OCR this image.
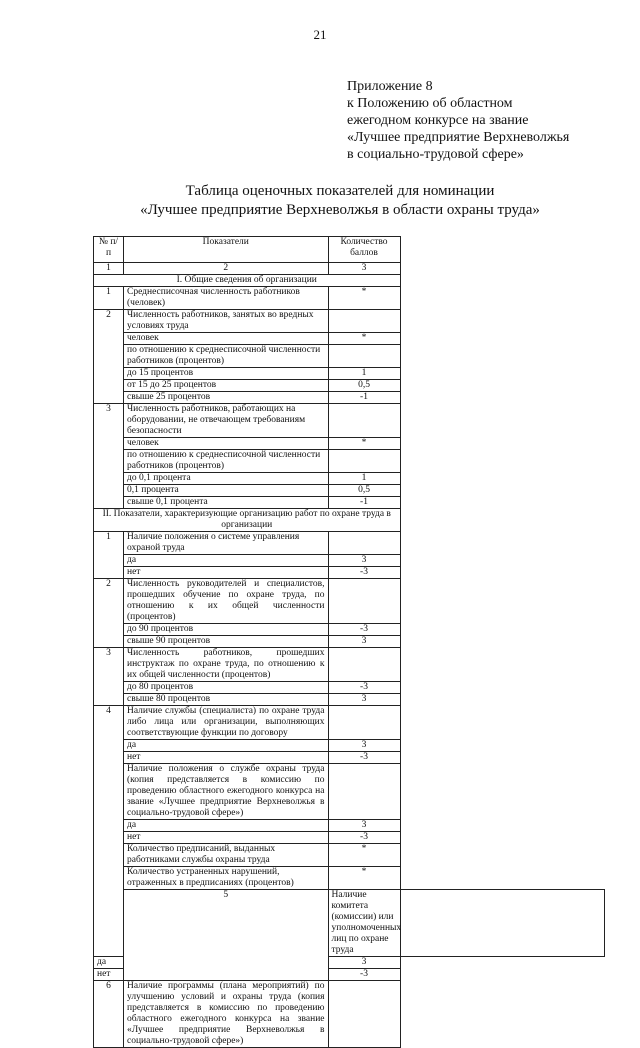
21
Приложение 8
к Положению об областном
ежегодном конкурсе на звание
«Лучшее предприятие Верхневолжья
в социально-трудовой сфере»
Таблица оценочных показателей для номинации
«Лучшее предприятие Верхневолжья в области охраны труда»
№ п/п	Показатели	Количество баллов	
1	2	3	
I. Общие сведения об организации			
1	Среднесписочная численность работников (человек)	*	
2	Численность работников, занятых во вредных условиях труда		
	человек	*	
	по отношению к среднесписочной численности работников (процентов)		
	до 15 процентов	1	
	от 15 до 25 процентов	0,5	
	свыше 25 процентов	-1	
3	Численность работников, работающих на оборудовании, не отвечающем требованиям безопасности		
	человек	*	
	по отношению к среднесписочной численности работников (процентов)		
	до 0,1 процента	1	
	0,1 процента	0,5	
	свыше 0,1 процента	-1	
II. Показатели, характеризующие организацию работ по охране труда в организации			
1	Наличие положения о системе управления охраной труда		
	да	3	
	нет	-3	
2	Численность руководителей и специалистов, прошедших обучение по охране труда, по отношению к их общей численности (процентов)		
	до 90 процентов	-3	
	свыше 90 процентов	3	
3	Численность работников, прошедших инструктаж по охране труда, по отношению к их общей численности (процентов)		
	до 80 процентов	-3	
	свыше 80 процентов	3	
4	Наличие службы (специалиста) по охране труда либо лица или организации, выполняющих соответствующие функции по договору		
	да	3	
	нет	-3	
	Наличие положения о службе охраны труда (копия представляется в комиссию по проведению областного ежегодного конкурса на звание «Лучшее предприятие Верхневолжья в социально-трудовой сфере»)		
	да	3	
	нет	-3	
	Количество предписаний, выданных работниками службы охраны труда	*	
	Количество устраненных нарушений, отраженных в предписаниях (процентов)	*	
	5	Наличие комитета (комиссии) или уполномоченных лиц по охране труда	
да		3	
нет		-3	
6	Наличие программы (плана мероприятий) по улучшению условий и охраны труда (копия представляется в комиссию по проведению областного ежегодного конкурса на звание «Лучшее предприятие Верхневолжья в социально-трудовой сфере»)		
